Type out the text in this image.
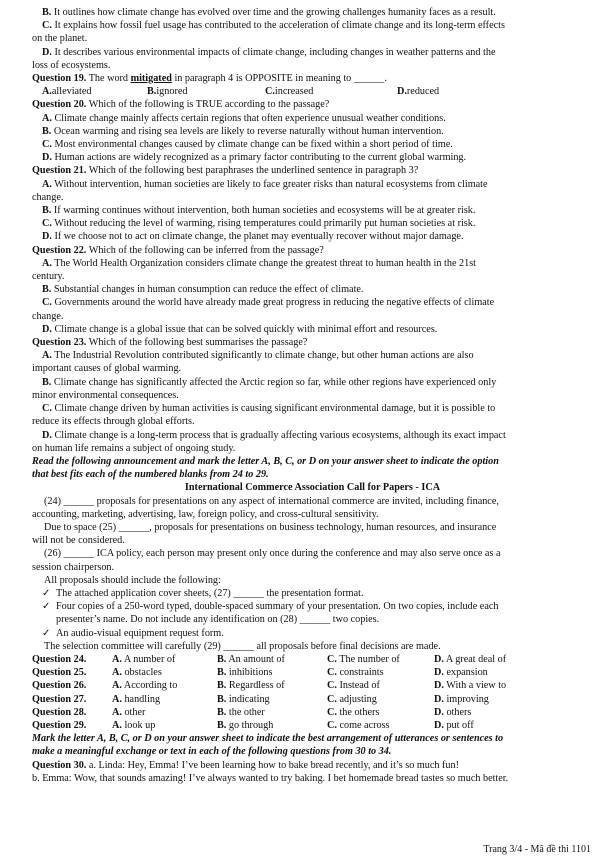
B. It outlines how climate change has evolved over time and the growing challenges humanity faces as a result.

C. It explains how fossil fuel usage has contributed to the acceleration of climate change and its long-term effects

on the planet.

D. It describes various environmental impacts of climate change, including changes in weather patterns and the

loss of ecosystems.

Question 19. The word mitigated in paragraph 4 is OPPOSITE in meaning to ______.

A.alleviated	B.ignored	C.increased	D.reduced

Question 20. Which of the following is TRUE according to the passage?

A. Climate change mainly affects certain regions that often experience unusual weather conditions.

B. Ocean warming and rising sea levels are likely to reverse naturally without human intervention.

C. Most environmental changes caused by climate change can be fixed within a short period of time.

D. Human actions are widely recognized as a primary factor contributing to the current global warming.

Question 21. Which of the following best paraphrases the underlined sentence in paragraph 3?

A. Without intervention, human societies are likely to face greater risks than natural ecosystems from climate

change.

B. If warming continues without intervention, both human societies and ecosystems will be at greater risk.

C. Without reducing the level of warming, rising temperatures could primarily put human societies at risk.

D. If we choose not to act on climate change, the planet may eventually recover without major damage.

Question 22. Which of the following can be inferred from the passage?

A. The World Health Organization considers climate change the greatest threat to human health in the 21st

century.

B. Substantial changes in human consumption can reduce the effect of climate.

C. Governments around the world have already made great progress in reducing the negative effects of climate

change.

D. Climate change is a global issue that can be solved quickly with minimal effort and resources.

Question 23. Which of the following best summarises the passage?

A. The Industrial Revolution contributed significantly to climate change, but other human actions are also

important causes of global warming.

B. Climate change has significantly affected the Arctic region so far, while other regions have experienced only

minor environmental consequences.

C. Climate change driven by human activities is causing significant environmental damage, but it is possible to

reduce its effects through global efforts.

D. Climate change is a long-term process that is gradually affecting various ecosystems, although its exact impact

on human life remains a subject of ongoing study.

Read the following announcement and mark the letter A, B, C, or D on your answer sheet to indicate the option

that best fits each of the numbered blanks from 24 to 29.

International Commerce Association Call for Papers - ICA

(24) ______ proposals for presentations on any aspect of international commerce are invited, including finance,

accounting, marketing, advertising, law, foreign policy, and cross-cultural sensitivity.

Due to space (25) ______, proposals for presentations on business technology, human resources, and insurance

will not be considered.

(26) ______ ICA policy, each person may present only once during the conference and may also serve once as a

session chairperson.

All proposals should include the following:

✓ The attached application cover sheets, (27) ______ the presentation format.

✓ Four copies of a 250-word typed, double-spaced summary of your presentation. On two copies, include each

presenter’s name. Do not include any identification on (28) ______ two copies.

✓ An audio-visual equipment request form.

The selection committee will carefully (29) ______ all proposals before final decisions are made.

Question 24.	A. A number of	B. An amount of	C. The number of	D. A great deal of
Question 25.	A. obstacles	B. inhibitions	C. constraints	D. expansion
Question 26.	A. According to	B. Regardless of	C. Instead of	D. With a view to
Question 27.	A. handling	B. indicating	C. adjusting	D. improving
Question 28.	A. other	B. the other	C. the others	D. others
Question 29.	A. look up	B. go through	C. come across	D. put off

Mark the letter A, B, C, or D on your answer sheet to indicate the best arrangement of utterances or sentences to

make a meaningful exchange or text in each of the following questions from 30 to 34.

Question 30. a. Linda: Hey, Emma! I’ve been learning how to bake bread recently, and it’s so much fun!

b. Emma: Wow, that sounds amazing! I’ve always wanted to try baking. I bet homemade bread tastes so much better.

Trang 3/4 - Mã đề thi 1101
